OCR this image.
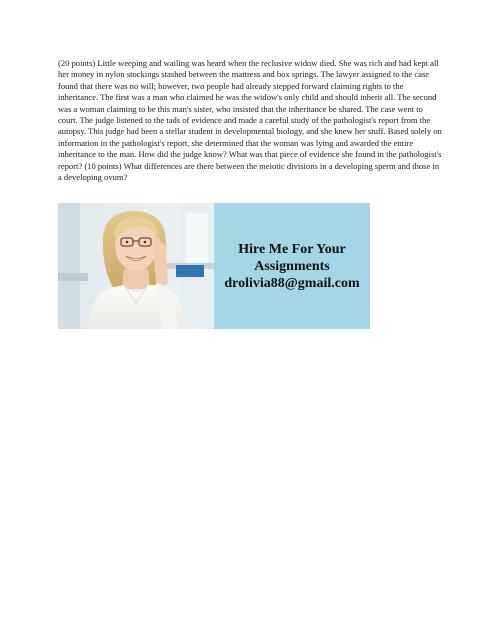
(20 points) Little weeping and wailing was heard when the reclusive widow died. She was rich and had kept all her money in nylon stockings stashed between the mattress and box springs. The lawyer assigned to the case found that there was no will; however, two people had already stepped forward claiming rights to the inheritance. The first was a man who claimed he was the widow's only child and should inherit all. The second was a woman claiming to be this man's sister, who insisted that the inheritance be shared. The case went to court. The judge listened to the tads of evidence and made a careful study of the pathologist's report from the autopsy. This judge had been a stellar student in developmental biology, and she knew her stuff. Based solely on information in the pathologist's report, she determined that the woman was lying and awarded the entire inheritance to the man. How did the judge know? What was that piece of evidence she found in the pathologist's report? (10 points) What differences are there between the meiotic divisions in a developing sperm and those in a developing ovum?

Hire Me For Your
Assignments
drolivia88@gmail.com
